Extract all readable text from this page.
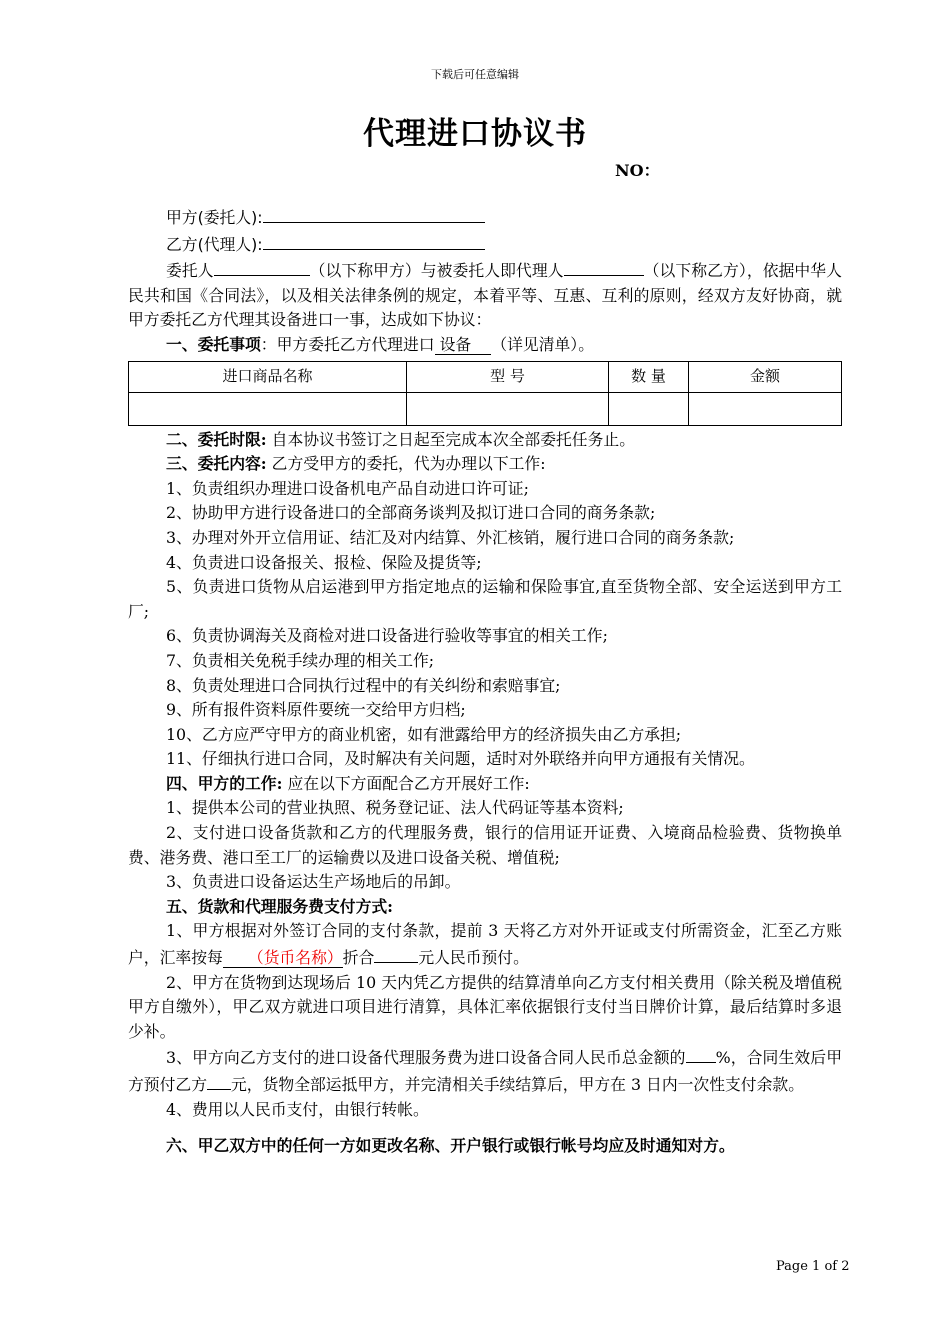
下载后可任意编辑
代理进口协议书
NO：

甲方(委托人):

乙方(代理人):

委托人	（以下称甲方）与被委托人即代理人	（以下称乙方），依据中华人民共和国《合同法》，以及相关法律条例的规定，本着平等、互惠、互利的原则，经双方友好协商，就甲方委托乙方代理其设备进口一事，达成如下协议：

一、委托事项：甲方委托乙方代理进口 设备 （详见清单）。

进口商品名称	型 号	数 量	金额

二、委托时限: 自本协议书签订之日起至完成本次全部委托任务止。

三、委托内容: 乙方受甲方的委托，代为办理以下工作:

1、负责组织办理进口设备机电产品自动进口许可证;

2、协助甲方进行设备进口的全部商务谈判及拟订进口合同的商务条款;

3、办理对外开立信用证、结汇及对内结算、外汇核销，履行进口合同的商务条款;

4、负责进口设备报关、报检、保险及提货等;

5、负责进口货物从启运港到甲方指定地点的运输和保险事宜,直至货物全部、安全运送到甲方工厂;

6、负责协调海关及商检对进口设备进行验收等事宜的相关工作;

7、负责相关免税手续办理的相关工作;

8、负责处理进口合同执行过程中的有关纠纷和索赔事宜;

9、所有报件资料原件要统一交给甲方归档;

10、乙方应严守甲方的商业机密，如有泄露给甲方的经济损失由乙方承担;

11、仔细执行进口合同，及时解决有关问题，适时对外联络并向甲方通报有关情况。

四、甲方的工作: 应在以下方面配合乙方开展好工作:

1、提供本公司的营业执照、税务登记证、法人代码证等基本资料;

2、支付进口设备货款和乙方的代理服务费，银行的信用证开证费、入境商品检验费、货物换单费、港务费、港口至工厂的运输费以及进口设备关税、增值税;

3、负责进口设备运达生产场地后的吊卸。

五、货款和代理服务费支付方式:

1、甲方根据对外签订合同的支付条款，提前 3 天将乙方对外开证或支付所需资金，汇至乙方账户，汇率按每 （货币名称）折合	元人民币预付。

2、甲方在货物到达现场后 10 天内凭乙方提供的结算清单向乙方支付相关费用（除关税及增值税甲方自缴外），甲乙双方就进口项目进行清算，具体汇率依据银行支付当日牌价计算，最后结算时多退少补。

3、甲方向乙方支付的进口设备代理服务费为进口设备合同人民币总金额的 %，合同生效后甲方预付乙方 元，货物全部运抵甲方，并完清相关手续结算后，甲方在 3 日内一次性支付余款。

4、费用以人民币支付，由银行转帐。

六、甲乙双方中的任何一方如更改名称、开户银行或银行帐号均应及时通知对方。

Page 1 of 2
